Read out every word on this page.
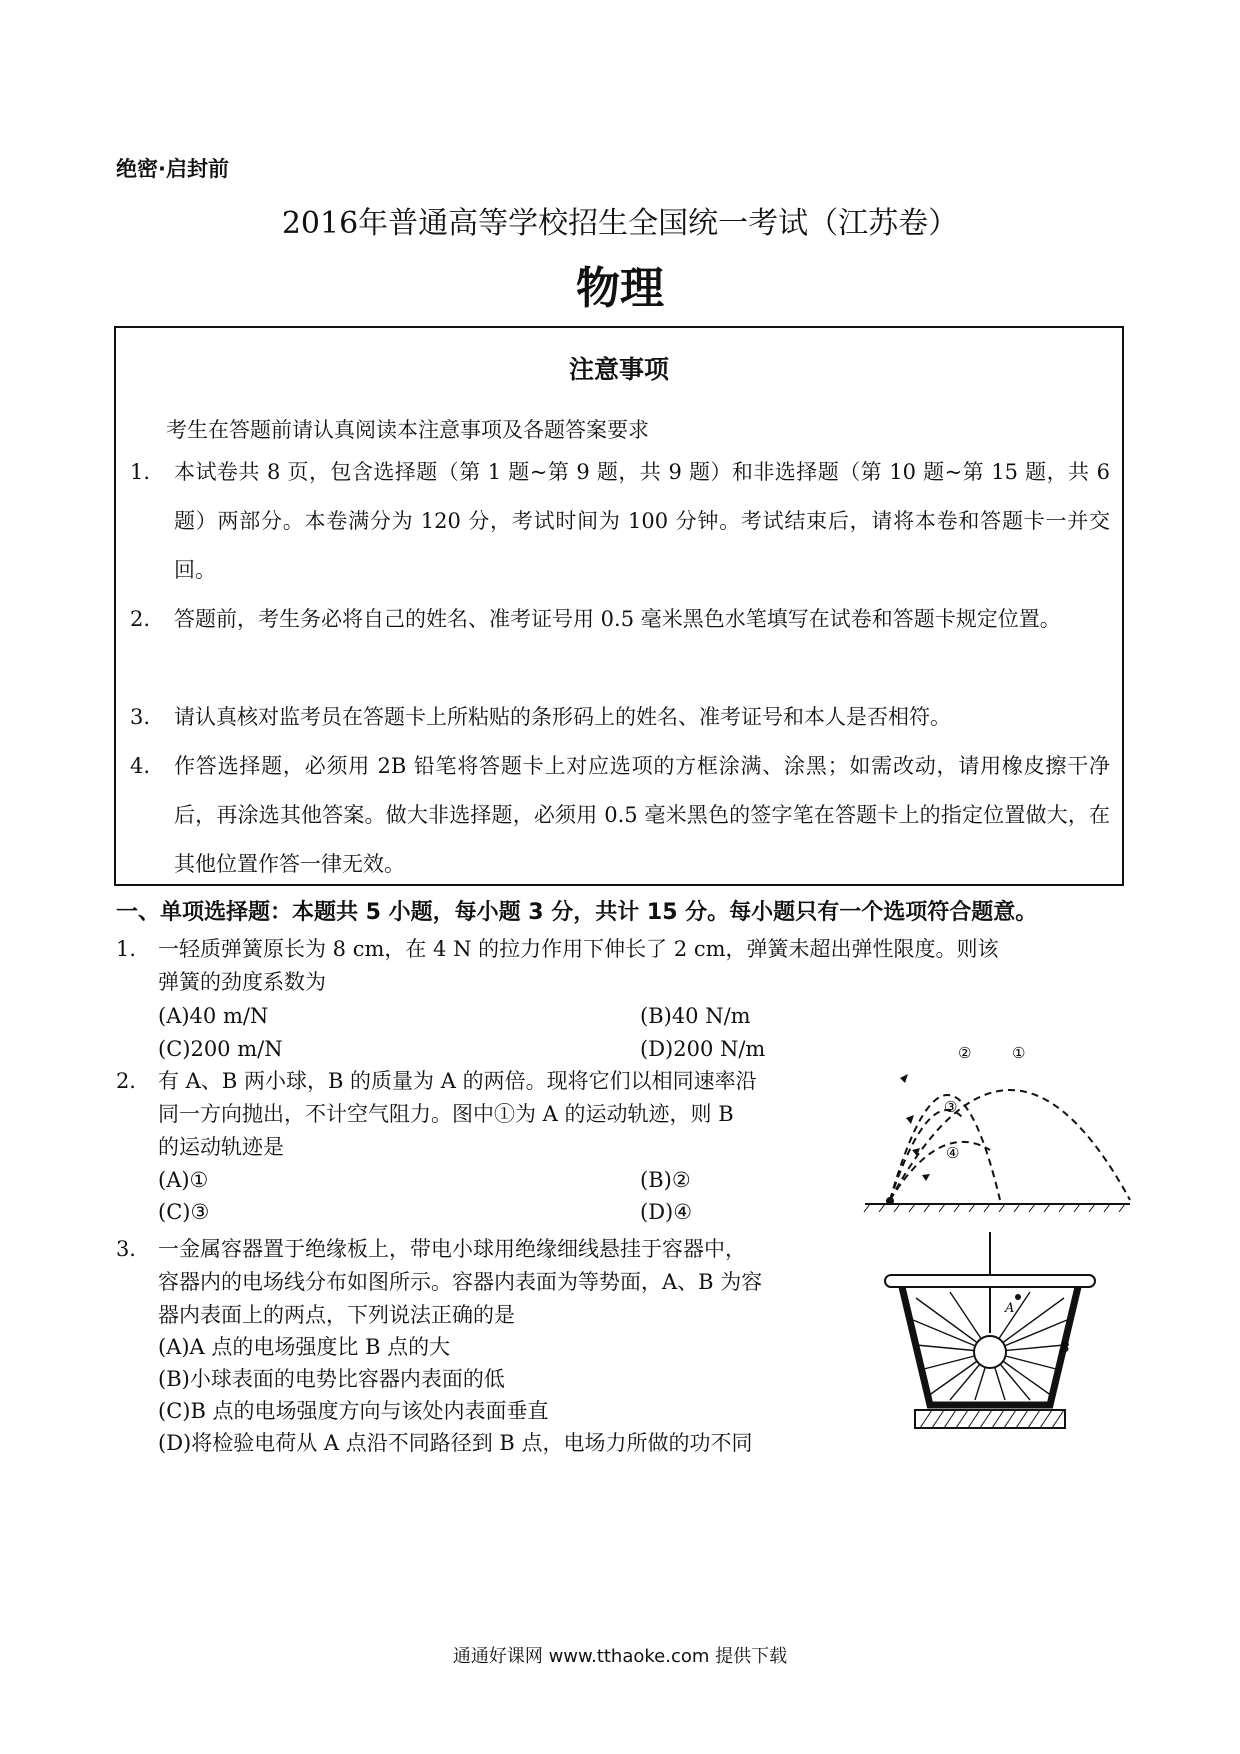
绝密·启封前
2016年普通高等学校招生全国统一考试（江苏卷）
物理
注意事项
考生在答题前请认真阅读本注意事项及各题答案要求
1. 本试卷共 8 页，包含选择题（第 1 题~第 9 题，共 9 题）和非选择题（第 10 题~第 15 题，共 6 题）两部分。本卷满分为 120 分，考试时间为 100 分钟。考试结束后，请将本卷和答题卡一并交回。
2. 答题前，考生务必将自己的姓名、准考证号用 0.5 毫米黑色水笔填写在试卷和答题卡规定位置。
3. 请认真核对监考员在答题卡上所粘贴的条形码上的姓名、准考证号和本人是否相符。
4. 作答选择题，必须用 2B 铅笔将答题卡上对应选项的方框涂满、涂黑；如需改动，请用橡皮擦干净后，再涂选其他答案。做大非选择题，必须用 0.5 毫米黑色的签字笔在答题卡上的指定位置做大，在其他位置作答一律无效。
一、单项选择题：本题共 5 小题，每小题 3 分，共计 15 分。每小题只有一个选项符合题意。
1． 一轻质弹簧原长为 8 cm，在 4 N 的拉力作用下伸长了 2 cm，弹簧未超出弹性限度。则该
弹簧的劲度系数为
(A)40 m/N	(B)40 N/m
(C)200 m/N	(D)200 N/m
2． 有 A、B 两小球，B 的质量为 A 的两倍。现将它们以相同速率沿
同一方向抛出，不计空气阻力。图中①为 A 的运动轨迹，则 B
的运动轨迹是
(A)①	(B)②
(C)③	(D)④
②	①
③
④
3． 一金属容器置于绝缘板上，带电小球用绝缘细线悬挂于容器中，
容器内的电场线分布如图所示。容器内表面为等势面，A、B 为容
器内表面上的两点，下列说法正确的是
(A)A 点的电场强度比 B 点的大
(B)小球表面的电势比容器内表面的低
(C)B 点的电场强度方向与该处内表面垂直
(D)将检验电荷从 A 点沿不同路径到 B 点，电场力所做的功不同
A
B
通通好课网 www.tthaoke.com 提供下载
